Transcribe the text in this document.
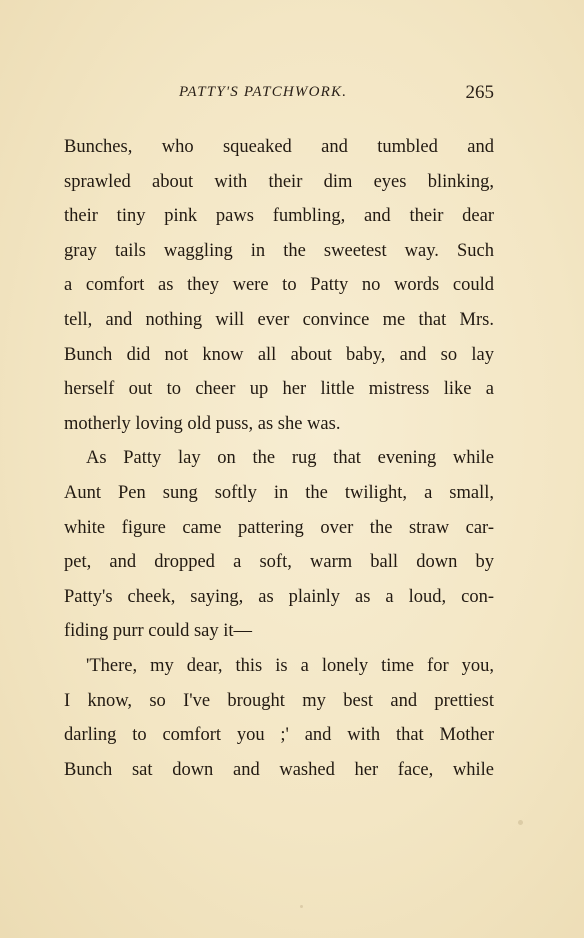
PATTY'S PATCHWORK.	265
Bunches, who squeaked and tumbled and
sprawled about with their dim eyes blinking,
their tiny pink paws fumbling, and their dear
gray tails waggling in the sweetest way. Such
a comfort as they were to Patty no words could
tell, and nothing will ever convince me that Mrs.
Bunch did not know all about baby, and so lay
herself out to cheer up her little mistress like a
motherly loving old puss, as she was.
As Patty lay on the rug that evening while
Aunt Pen sung softly in the twilight, a small,
white figure came pattering over the straw car-
pet, and dropped a soft, warm ball down by
Patty's cheek, saying, as plainly as a loud, con-
fiding purr could say it—
'There, my dear, this is a lonely time for you,
I know, so I've brought my best and prettiest
darling to comfort you ;' and with that Mother
Bunch sat down and washed her face, while
